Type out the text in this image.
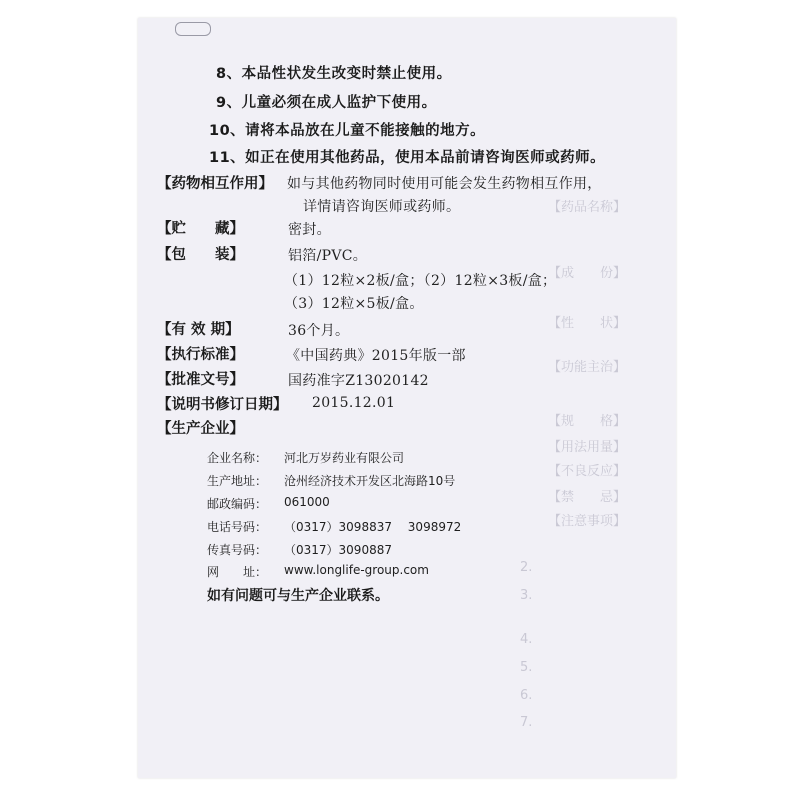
【药品名称】
【成　　份】
【性　　状】
【功能主治】
【规　　格】
【用法用量】
【不良反应】
【禁　　忌】
【注意事项】
8、本品性状发生改变时禁止使用。
9、儿童必须在成人监护下使用。
10、请将本品放在儿童不能接触的地方。
11、如正在使用其他药品，使用本品前请咨询医师或药师。
【药物相互作用】 如与其他药物同时使用可能会发生药物相互作用，
详情请咨询医师或药师。
【贮　　藏】	密封。
【包　　装】	铝箔/PVC。
（1）12粒×2板/盒；（2）12粒×3板/盒；
（3）12粒×5板/盒。
【有 效 期】	36个月。
【执行标准】	《中国药典》2015年版一部
【批准文号】	国药准字Z13020142
【说明书修订日期】 2015.12.01
【生产企业】
企业名称： 河北万岁药业有限公司
生产地址： 沧州经济技术开发区北海路10号
邮政编码： 061000
电话号码： （0317）3098837　 3098972
传真号码： （0317）3090887
网　　址： www.longlife-group.com
如有问题可与生产企业联系。
2.
3.
4.
5.
6.
7.
